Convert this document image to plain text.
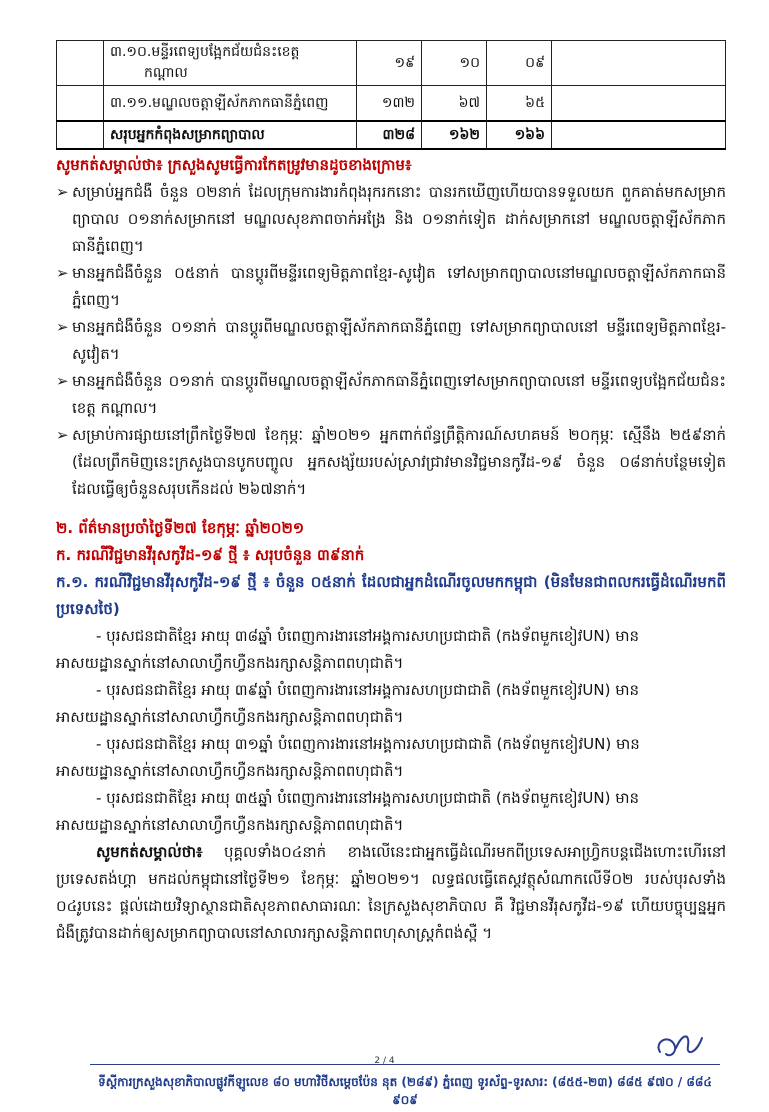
	៣.១០.មន្ទីរពេទ្យបង្អែកជ័យជំនះខេត្ត
កណ្ដាល	១៩	១០	០៩	
	៣.១១.មណ្ឌលចត្តាឡីស័កភាកធានីភ្នំពេញ	១៣២	៦៧	៦៥	
	សរុបអ្នកកំពុងសម្រាកព្យាបាល	៣២៨	១៦២	១៦៦	
សូមកត់សម្គាល់ថា៖ ក្រសួងសូមធ្វើការកែតម្រូវមានដូចខាងក្រោម៖
➢ សម្រាប់អ្នកជំងឺ ចំនួន ០២នាក់ ដែលក្រុមការងារកំពុងរុករកនោះ បានរកឃើញហើយបានទទួលយក ពួកគាត់មកសម្រាកព្យាបាល ០១នាក់សម្រាកនៅ មណ្ឌលសុខភាពចាក់អង្រែ និង ០១នាក់ទៀត ដាក់សម្រាកនៅ មណ្ឌលចត្តាឡីស័កភាកធានីភ្នំពេញ។
➢ មានអ្នកជំងឺចំនួន ០៥នាក់ បានប្ដូរពីមន្ទីរពេទ្យមិត្តភាពខ្មែរ-សូវៀត ទៅសម្រាកព្យាបាលនៅមណ្ឌលចត្តាឡីស័កភាកធានីភ្នំពេញ។
➢ មានអ្នកជំងឺចំនួន ០១នាក់ បានប្ដូរពីមណ្ឌលចត្តាឡីស័កភាកធានីភ្នំពេញ ទៅសម្រាកព្យាបាលនៅ មន្ទីរពេទ្យមិត្តភាពខ្មែរ-សូវៀត។
➢ មានអ្នកជំងឺចំនួន ០១នាក់ បានប្ដូរពីមណ្ឌលចត្តាឡីស័កភាកធានីភ្នំពេញទៅសម្រាកព្យាបាលនៅ មន្ទីរពេទ្យបង្អែកជ័យជំនះខេត្ត កណ្ដាល។
➢ សម្រាប់ការផ្សាយនៅព្រឹកថ្ងៃទី២៧ ខែកុម្ភៈ ឆ្នាំ២០២១ អ្នកពាក់ព័ន្ធព្រឹត្តិការណ៍សហគមន៍ ២០កុម្ភៈ ស្មើនឹង ២៥៩នាក់ (ដែលព្រឹកមិញនេះក្រសួងបានបូកបញ្ចូល អ្នកសង្ស័យរបស់ស្រាវជ្រាវមានវិជ្ជមានកូវីដ-១៩ ចំនួន ០៨នាក់បន្ថែមទៀតដែលធ្វើឲ្យចំនួនសរុបកើនដល់ ២៦៧នាក់។
២. ព័ត៌មានប្រចាំថ្ងៃទី២៧ ខែកុម្ភៈ ឆ្នាំ២០២១
ក. ករណីវិជ្ជមានវីរុសកូវីដ-១៩ ថ្មី ៖ សរុបចំនួន ៣៩នាក់
ក.១. ករណីវិជ្ជមានវីរុសកូវីដ-១៩ ថ្មី ៖ ចំនួន ០៥នាក់ ដែលជាអ្នកដំណើរចូលមកកម្ពុជា (មិនមែនជាពលករធ្វើដំណើរមកពីប្រទេសថៃ)
- បុរសជនជាតិខ្មែរ អាយុ ៣៨ឆ្នាំ បំពេញការងារនៅអង្គការសហប្រជាជាតិ (កងទ័ពមួកខៀវUN) មាន
អាសយដ្ឋានស្នាក់នៅសាលាហ្វឹកហ្វឺនកងរក្សាសន្តិភាពពហុជាតិ។
- បុរសជនជាតិខ្មែរ អាយុ ៣៩ឆ្នាំ បំពេញការងារនៅអង្គការសហប្រជាជាតិ (កងទ័ពមួកខៀវUN) មាន
អាសយដ្ឋានស្នាក់នៅសាលាហ្វឹកហ្វឺនកងរក្សាសន្តិភាពពហុជាតិ។
- បុរសជនជាតិខ្មែរ អាយុ ៣១ឆ្នាំ បំពេញការងារនៅអង្គការសហប្រជាជាតិ (កងទ័ពមួកខៀវUN) មាន
អាសយដ្ឋានស្នាក់នៅសាលាហ្វឹកហ្វឺនកងរក្សាសន្តិភាពពហុជាតិ។
- បុរសជនជាតិខ្មែរ អាយុ ៣៥ឆ្នាំ បំពេញការងារនៅអង្គការសហប្រជាជាតិ (កងទ័ពមួកខៀវUN) មាន
អាសយដ្ឋានស្នាក់នៅសាលាហ្វឹកហ្វឺនកងរក្សាសន្តិភាពពហុជាតិ។
សូមកត់សម្គាល់ថា៖ បុគ្គលទាំង០៤នាក់ ខាងលើនេះជាអ្នកធ្វើដំណើរមកពីប្រទេសអាហ្វ្រិកបន្តជើងហោះហើរនៅប្រទេសតង់ហ្គា មកដល់កម្ពុជានៅថ្ងៃទី២១ ខែកុម្ភៈ ឆ្នាំ២០២១។ លទ្ធផលធ្វើតេស្តវត្ថុសំណាកលើទី០២ របស់បុរសទាំង ០៤រូបនេះ ផ្ដល់ដោយវិទ្យាស្ថានជាតិសុខភាពសាធារណៈ នៃក្រសួងសុខាភិបាល គឺ វិជ្ជមានវីរុសកូវីដ-១៩ ហើយបច្ចុប្បន្នអ្នកជំងឺត្រូវបានដាក់ឲ្យសម្រាកព្យាបាលនៅសាលារក្សាសន្តិភាពពហុសាស្រ្តកំពង់ស្ពឺ ។
2 / 4
ទីស្ដីការក្រសួងសុខាភិបាលផ្លូវកីឡូលេខ ៨០ មហាវិថីសម្ដេចប៉ែន នុត (២៨៩) ភ្នំពេញ ទូរស័ព្ទ-ទូរសារ: (៨៥៥-២៣) ៨៨៥ ៩៧០ / ៨៨៤ ៩០៩
